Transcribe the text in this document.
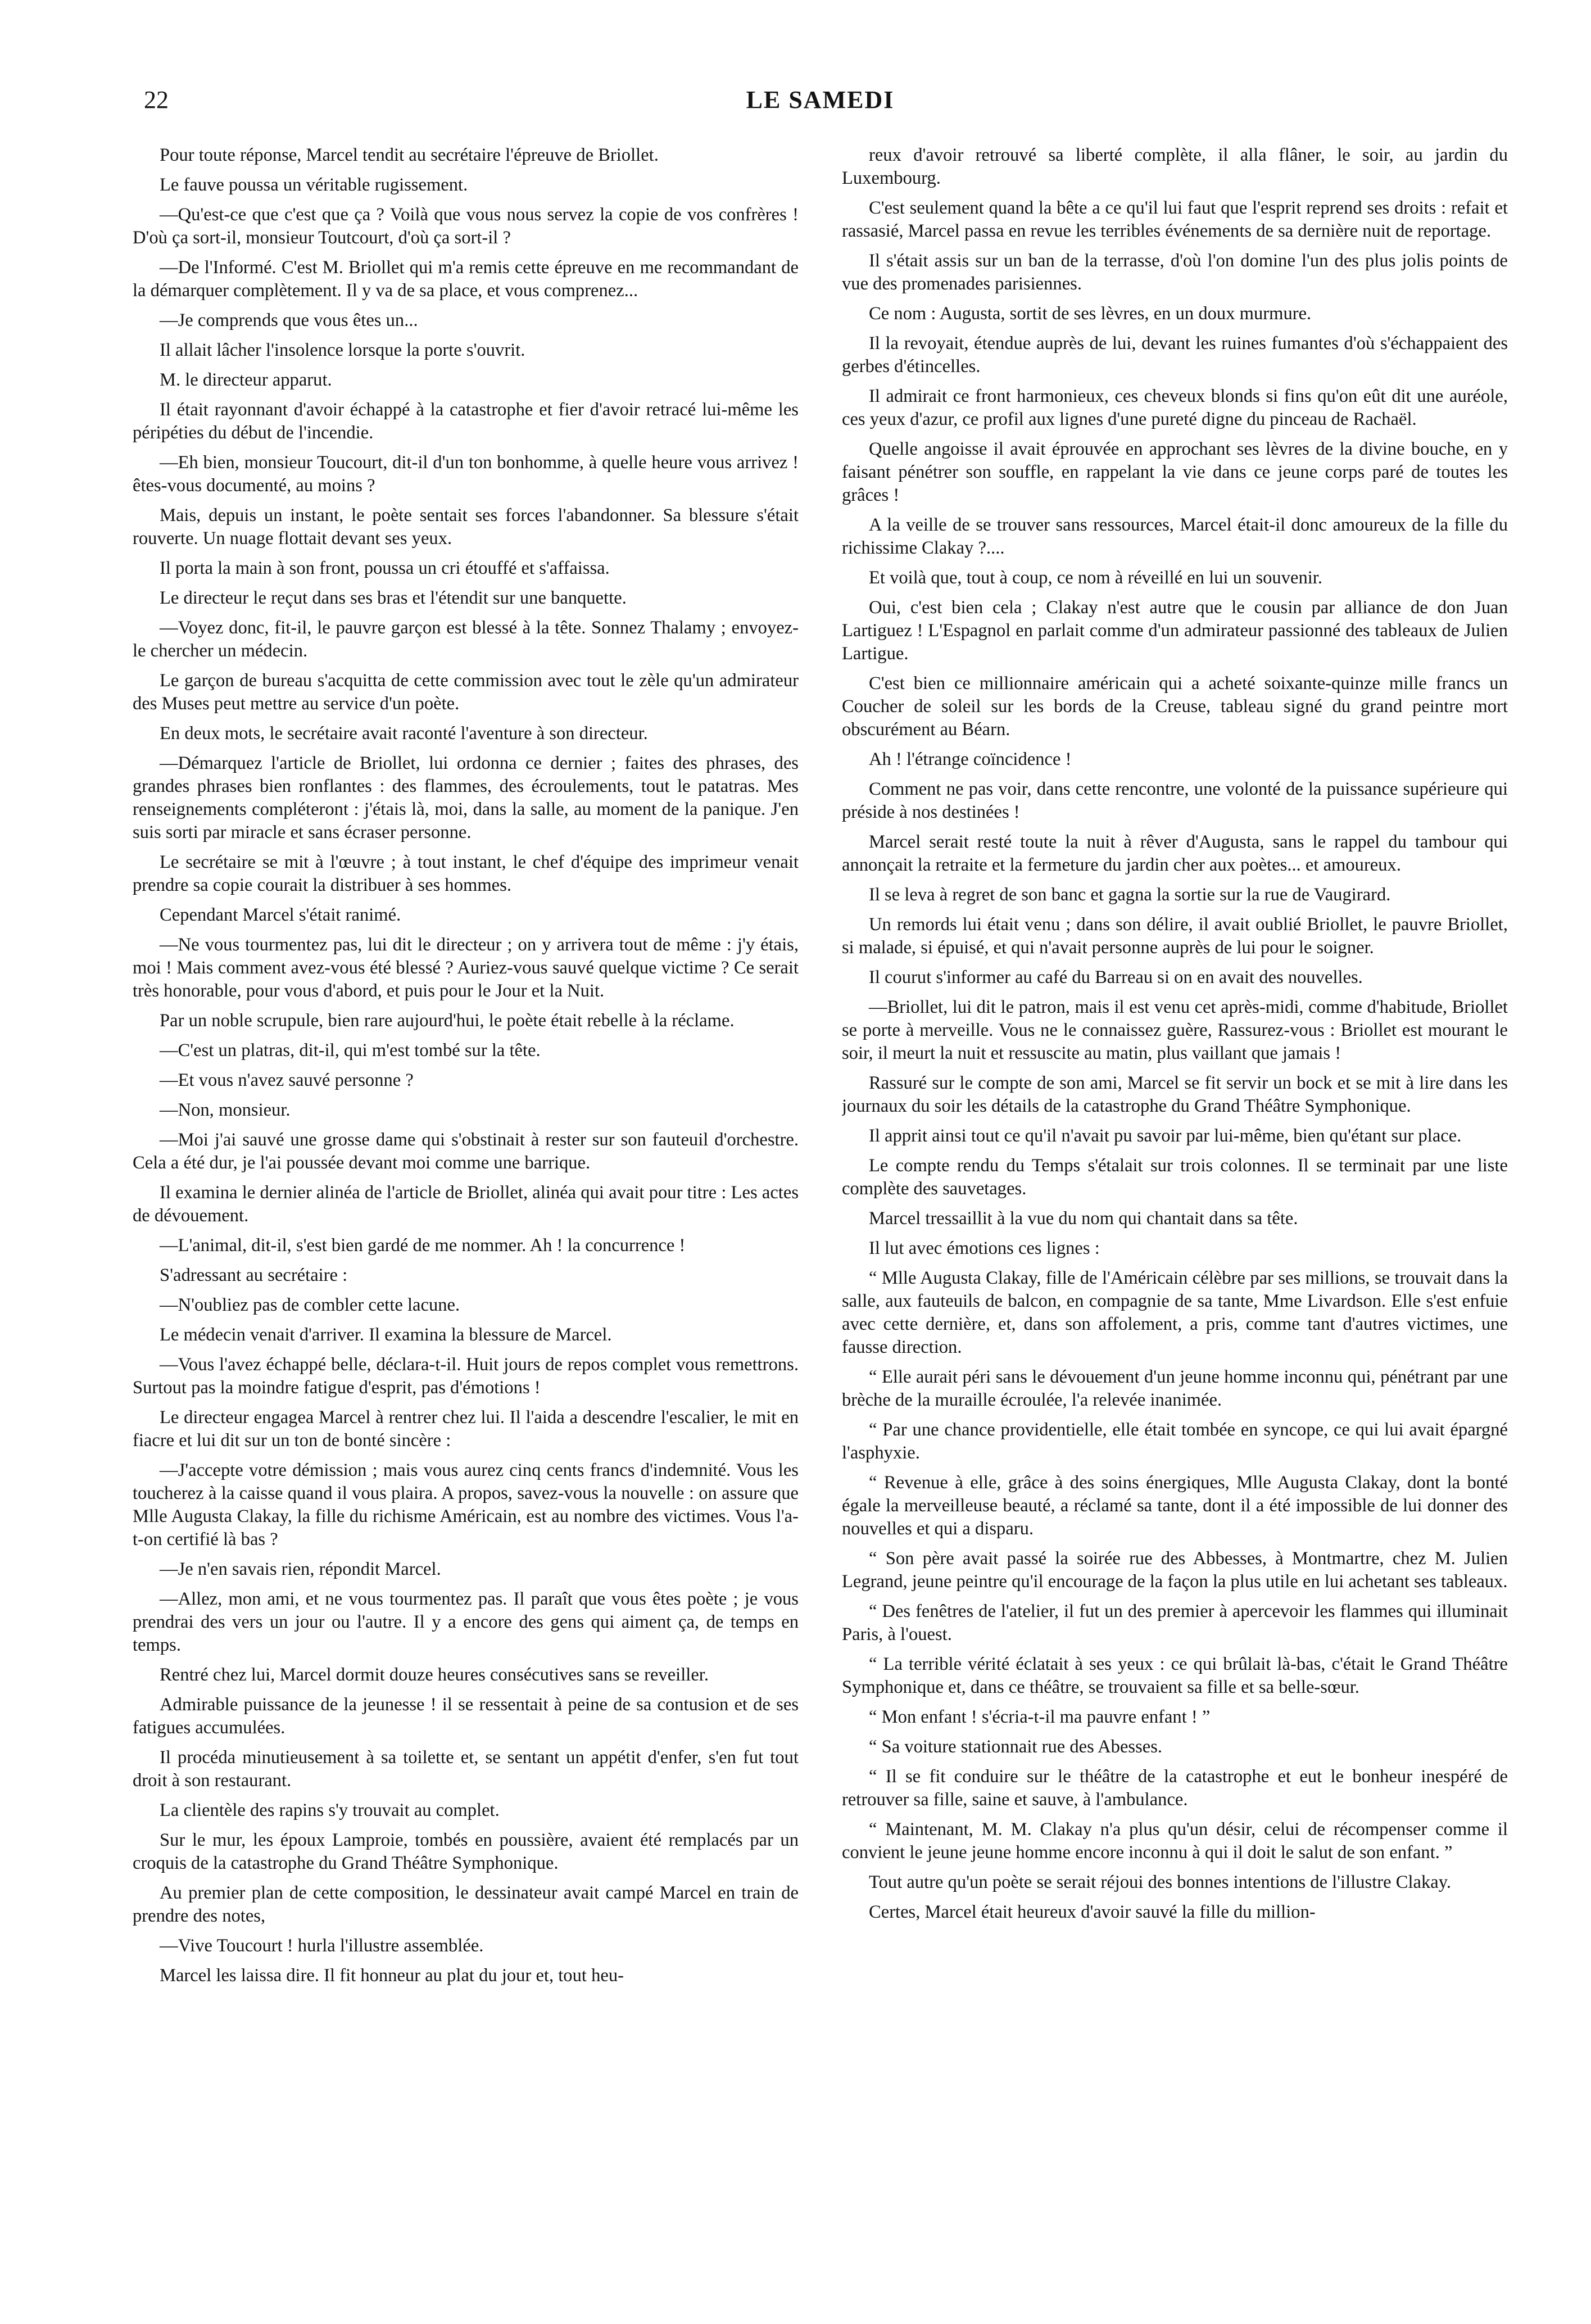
22	LE SAMEDI

Pour toute réponse, Marcel tendit au secrétaire l'épreuve de Briollet.

Le fauve poussa un véritable rugissement.

—Qu'est-ce que c'est que ça ? Voilà que vous nous servez la copie de vos confrères ! D'où ça sort-il, monsieur Toutcourt, d'où ça sort-il ?

—De l'Informé. C'est M. Briollet qui m'a remis cette épreuve en me recommandant de la démarquer complètement. Il y va de sa place, et vous comprenez...

—Je comprends que vous êtes un...

Il allait lâcher l'insolence lorsque la porte s'ouvrit.

M. le directeur apparut.

Il était rayonnant d'avoir échappé à la catastrophe et fier d'avoir retracé lui-même les péripéties du début de l'incendie.

—Eh bien, monsieur Toucourt, dit-il d'un ton bonhomme, à quelle heure vous arrivez ! êtes-vous documenté, au moins ?

Mais, depuis un instant, le poète sentait ses forces l'abandonner. Sa blessure s'était rouverte. Un nuage flottait devant ses yeux.

Il porta la main à son front, poussa un cri étouffé et s'affaissa.

Le directeur le reçut dans ses bras et l'étendit sur une banquette.

—Voyez donc, fit-il, le pauvre garçon est blessé à la tête. Sonnez Thalamy ; envoyez-le chercher un médecin.

Le garçon de bureau s'acquitta de cette commission avec tout le zèle qu'un admirateur des Muses peut mettre au service d'un poète.

En deux mots, le secrétaire avait raconté l'aventure à son directeur.

—Démarquez l'article de Briollet, lui ordonna ce dernier ; faites des phrases, des grandes phrases bien ronflantes : des flammes, des écroulements, tout le patatras. Mes renseignements compléteront : j'étais là, moi, dans la salle, au moment de la panique. J'en suis sorti par miracle et sans écraser personne.

Le secrétaire se mit à l'œuvre ; à tout instant, le chef d'équipe des imprimeur venait prendre sa copie courait la distribuer à ses hommes.

Cependant Marcel s'était ranimé.

—Ne vous tourmentez pas, lui dit le directeur ; on y arrivera tout de même : j'y étais, moi ! Mais comment avez-vous été blessé ? Auriez-vous sauvé quelque victime ? Ce serait très honorable, pour vous d'abord, et puis pour le Jour et la Nuit.

Par un noble scrupule, bien rare aujourd'hui, le poète était rebelle à la réclame.

—C'est un platras, dit-il, qui m'est tombé sur la tête.

—Et vous n'avez sauvé personne ?

—Non, monsieur.

—Moi j'ai sauvé une grosse dame qui s'obstinait à rester sur son fauteuil d'orchestre. Cela a été dur, je l'ai poussée devant moi comme une barrique.

Il examina le dernier alinéa de l'article de Briollet, alinéa qui avait pour titre : Les actes de dévouement.

—L'animal, dit-il, s'est bien gardé de me nommer. Ah ! la concurrence !

S'adressant au secrétaire :

—N'oubliez pas de combler cette lacune.

Le médecin venait d'arriver. Il examina la blessure de Marcel.

—Vous l'avez échappé belle, déclara-t-il. Huit jours de repos complet vous remettrons. Surtout pas la moindre fatigue d'esprit, pas d'émotions !

Le directeur engagea Marcel à rentrer chez lui. Il l'aida a descendre l'escalier, le mit en fiacre et lui dit sur un ton de bonté sincère :

—J'accepte votre démission ; mais vous aurez cinq cents francs d'indemnité. Vous les toucherez à la caisse quand il vous plaira. A propos, savez-vous la nouvelle : on assure que Mlle Augusta Clakay, la fille du richisme Américain, est au nombre des victimes. Vous l'a-t-on certifié là bas ?

—Je n'en savais rien, répondit Marcel.

—Allez, mon ami, et ne vous tourmentez pas. Il paraît que vous êtes poète ; je vous prendrai des vers un jour ou l'autre. Il y a encore des gens qui aiment ça, de temps en temps.

Rentré chez lui, Marcel dormit douze heures consécutives sans se reveiller.

Admirable puissance de la jeunesse ! il se ressentait à peine de sa contusion et de ses fatigues accumulées.

Il procéda minutieusement à sa toilette et, se sentant un appétit d'enfer, s'en fut tout droit à son restaurant.

La clientèle des rapins s'y trouvait au complet.

Sur le mur, les époux Lamproie, tombés en poussière, avaient été remplacés par un croquis de la catastrophe du Grand Théâtre Symphonique.

Au premier plan de cette composition, le dessinateur avait campé Marcel en train de prendre des notes,

—Vive Toucourt ! hurla l'illustre assemblée.

Marcel les laissa dire. Il fit honneur au plat du jour et, tout heu-

reux d'avoir retrouvé sa liberté complète, il alla flâner, le soir, au jardin du Luxembourg.

C'est seulement quand la bête a ce qu'il lui faut que l'esprit reprend ses droits : refait et rassasié, Marcel passa en revue les terribles événements de sa dernière nuit de reportage.

Il s'était assis sur un ban de la terrasse, d'où l'on domine l'un des plus jolis points de vue des promenades parisiennes.

Ce nom : Augusta, sortit de ses lèvres, en un doux murmure.

Il la revoyait, étendue auprès de lui, devant les ruines fumantes d'où s'échappaient des gerbes d'étincelles.

Il admirait ce front harmonieux, ces cheveux blonds si fins qu'on eût dit une auréole, ces yeux d'azur, ce profil aux lignes d'une pureté digne du pinceau de Rachaël.

Quelle angoisse il avait éprouvée en approchant ses lèvres de la divine bouche, en y faisant pénétrer son souffle, en rappelant la vie dans ce jeune corps paré de toutes les grâces !

A la veille de se trouver sans ressources, Marcel était-il donc amoureux de la fille du richissime Clakay ?....

Et voilà que, tout à coup, ce nom à réveillé en lui un souvenir.

Oui, c'est bien cela ; Clakay n'est autre que le cousin par alliance de don Juan Lartiguez ! L'Espagnol en parlait comme d'un admirateur passionné des tableaux de Julien Lartigue.

C'est bien ce millionnaire américain qui a acheté soixante-quinze mille francs un Coucher de soleil sur les bords de la Creuse, tableau signé du grand peintre mort obscurément au Béarn.

Ah ! l'étrange coïncidence !

Comment ne pas voir, dans cette rencontre, une volonté de la puissance supérieure qui préside à nos destinées !

Marcel serait resté toute la nuit à rêver d'Augusta, sans le rappel du tambour qui annonçait la retraite et la fermeture du jardin cher aux poètes... et amoureux.

Il se leva à regret de son banc et gagna la sortie sur la rue de Vaugirard.

Un remords lui était venu ; dans son délire, il avait oublié Briollet, le pauvre Briollet, si malade, si épuisé, et qui n'avait personne auprès de lui pour le soigner.

Il courut s'informer au café du Barreau si on en avait des nouvelles.

—Briollet, lui dit le patron, mais il est venu cet après-midi, comme d'habitude, Briollet se porte à merveille. Vous ne le connaissez guère, Rassurez-vous : Briollet est mourant le soir, il meurt la nuit et ressuscite au matin, plus vaillant que jamais !

Rassuré sur le compte de son ami, Marcel se fit servir un bock et se mit à lire dans les journaux du soir les détails de la catastrophe du Grand Théâtre Symphonique.

Il apprit ainsi tout ce qu'il n'avait pu savoir par lui-même, bien qu'étant sur place.

Le compte rendu du Temps s'étalait sur trois colonnes. Il se terminait par une liste complète des sauvetages.

Marcel tressaillit à la vue du nom qui chantait dans sa tête.

Il lut avec émotions ces lignes :

“ Mlle Augusta Clakay, fille de l'Américain célèbre par ses millions, se trouvait dans la salle, aux fauteuils de balcon, en compagnie de sa tante, Mme Livardson. Elle s'est enfuie avec cette dernière, et, dans son affolement, a pris, comme tant d'autres victimes, une fausse direction.

“ Elle aurait péri sans le dévouement d'un jeune homme inconnu qui, pénétrant par une brèche de la muraille écroulée, l'a relevée inanimée.

“ Par une chance providentielle, elle était tombée en syncope, ce qui lui avait épargné l'asphyxie.

“ Revenue à elle, grâce à des soins énergiques, Mlle Augusta Clakay, dont la bonté égale la merveilleuse beauté, a réclamé sa tante, dont il a été impossible de lui donner des nouvelles et qui a disparu.

“ Son père avait passé la soirée rue des Abbesses, à Montmartre, chez M. Julien Legrand, jeune peintre qu'il encourage de la façon la plus utile en lui achetant ses tableaux.

“ Des fenêtres de l'atelier, il fut un des premier à apercevoir les flammes qui illuminait Paris, à l'ouest.

“ La terrible vérité éclatait à ses yeux : ce qui brûlait là-bas, c'était le Grand Théâtre Symphonique et, dans ce théâtre, se trouvaient sa fille et sa belle-sœur.

“ Mon enfant ! s'écria-t-il ma pauvre enfant ! ”

“ Sa voiture stationnait rue des Abesses.

“ Il se fit conduire sur le théâtre de la catastrophe et eut le bonheur inespéré de retrouver sa fille, saine et sauve, à l'ambulance.

“ Maintenant, M. M. Clakay n'a plus qu'un désir, celui de récompenser comme il convient le jeune jeune homme encore inconnu à qui il doit le salut de son enfant. ”

Tout autre qu'un poète se serait réjoui des bonnes intentions de l'illustre Clakay.

Certes, Marcel était heureux d'avoir sauvé la fille du million-
